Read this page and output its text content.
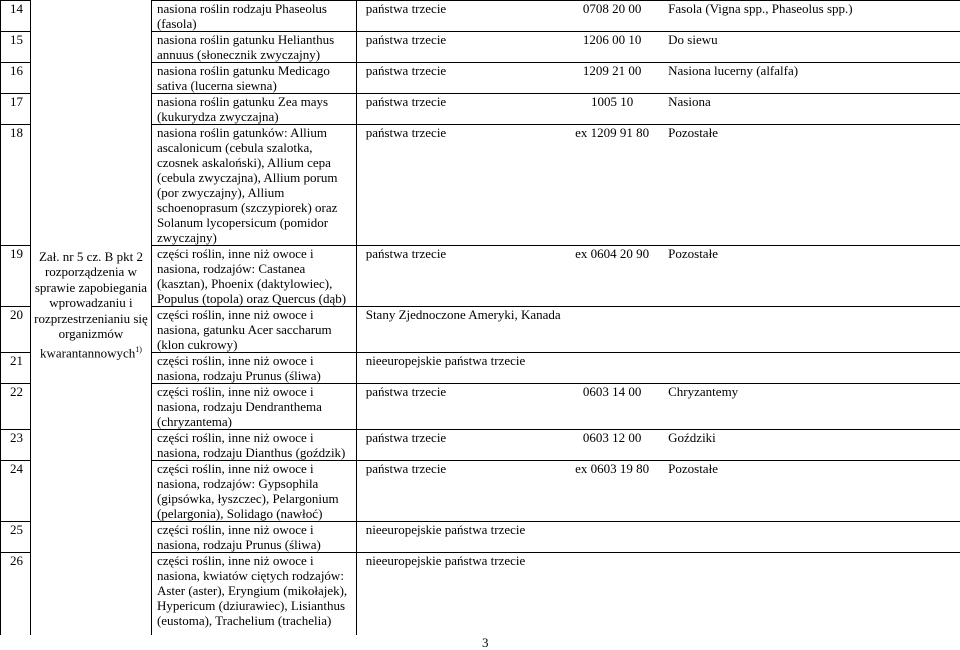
14		nasiona roślin rodzaju Phaseolus (fasola)	państwa trzecie	0708 20 00	Fasola (Vigna spp., Phaseolus spp.)
15		nasiona roślin gatunku Helianthus annuus (słonecznik zwyczajny)	państwa trzecie	1206 00 10	Do siewu
16		nasiona roślin gatunku Medicago sativa (lucerna siewna)	państwa trzecie	1209 21 00	Nasiona lucerny (alfalfa)
17		nasiona roślin gatunku Zea mays (kukurydza zwyczajna)	państwa trzecie	1005 10	Nasiona
18		nasiona roślin gatunków: Allium ascalonicum (cebula szalotka, czosnek askaloński), Allium cepa (cebula zwyczajna), Allium porum (por zwyczajny), Allium schoenoprasum (szczypiorek) oraz Solanum lycopersicum (pomidor zwyczajny)	państwa trzecie	ex 1209 91 80	Pozostałe
19	Zał. nr 5 cz. B pkt 2 rozporządzenia w sprawie zapobiegania wprowadzaniu i rozprzestrzenianiu się organizmów kwarantannowych$^{1)}$	części roślin, inne niż owoce i nasiona, rodzajów: Castanea (kasztan), Phoenix (daktylowiec), Populus (topola) oraz Quercus (dąb)	państwa trzecie	ex 0604 20 90	Pozostałe
20		części roślin, inne niż owoce i nasiona, gatunku Acer saccharum (klon cukrowy)	Stany Zjednoczone Ameryki, Kanada		
21		części roślin, inne niż owoce i nasiona, rodzaju Prunus (śliwa)	nieeuropejskie państwa trzecie		
22		części roślin, inne niż owoce i nasiona, rodzaju Dendranthema (chryzantema)	państwa trzecie	0603 14 00	Chryzantemy
23		części roślin, inne niż owoce i nasiona, rodzaju Dianthus (goździk)	państwa trzecie	0603 12 00	Goździki
24		części roślin, inne niż owoce i nasiona, rodzajów: Gypsophila (gipsówka, łyszczec), Pelargonium (pelargonia), Solidago (nawłoć)	państwa trzecie	ex 0603 19 80	Pozostałe
25		części roślin, inne niż owoce i nasiona, rodzaju Prunus (śliwa)	nieeuropejskie państwa trzecie		
26		części roślin, inne niż owoce i nasiona, kwiatów ciętych rodzajów: Aster (aster), Eryngium (mikołajek), Hypericum (dziurawiec), Lisianthus (eustoma), Trachelium (trachelia)	nieeuropejskie państwa trzecie		
3
